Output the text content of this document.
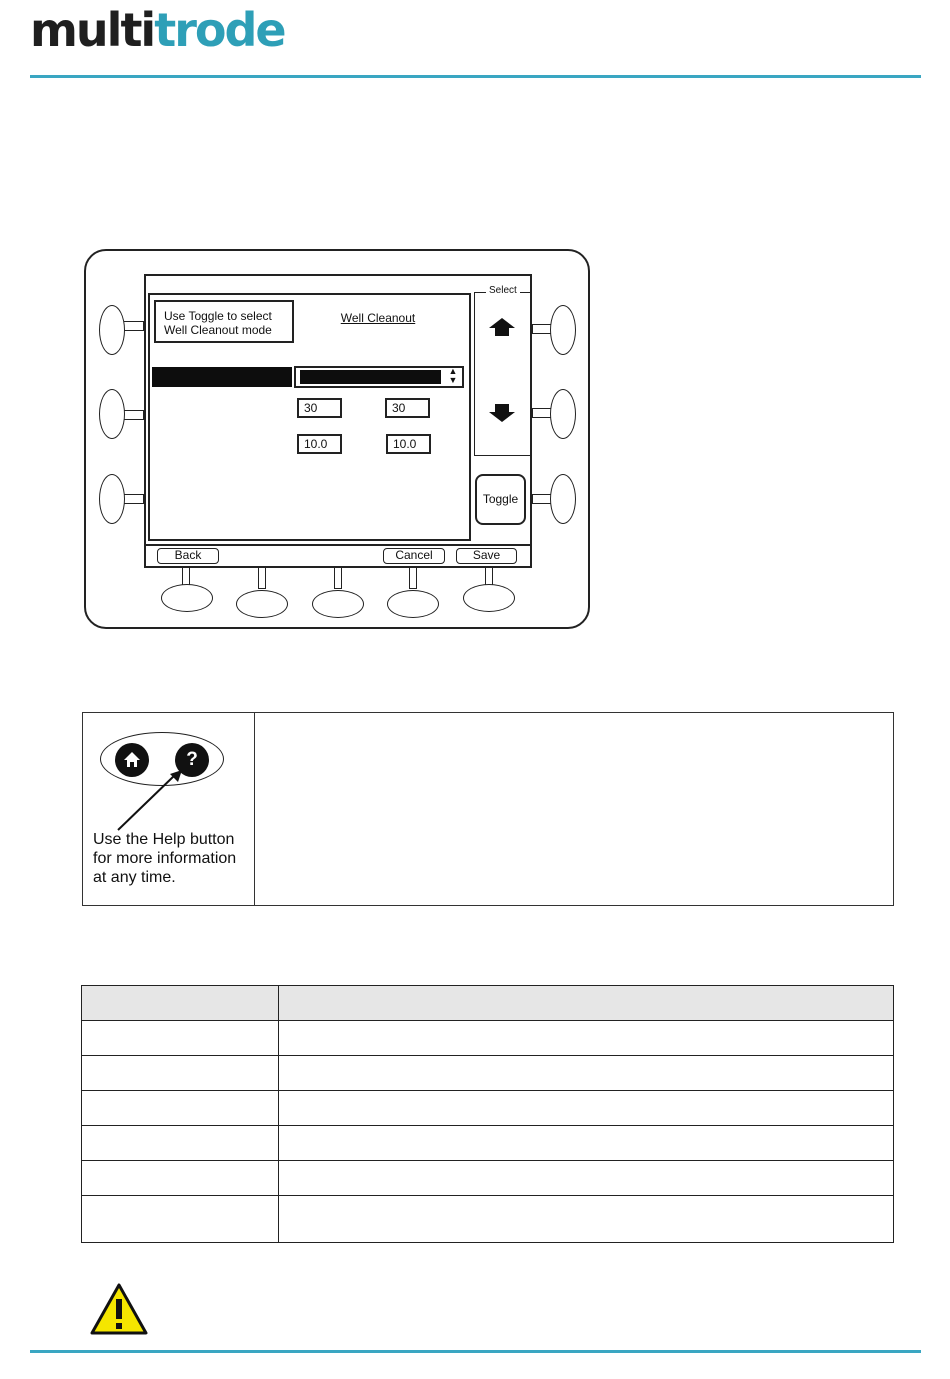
multitrode
Use Toggle to select
Well Cleanout mode
Well Cleanout
▲
▼
30	30
10.0	10.0
Select
Toggle
Back	Cancel	Save
?
Use the Help button for more information at any time.
